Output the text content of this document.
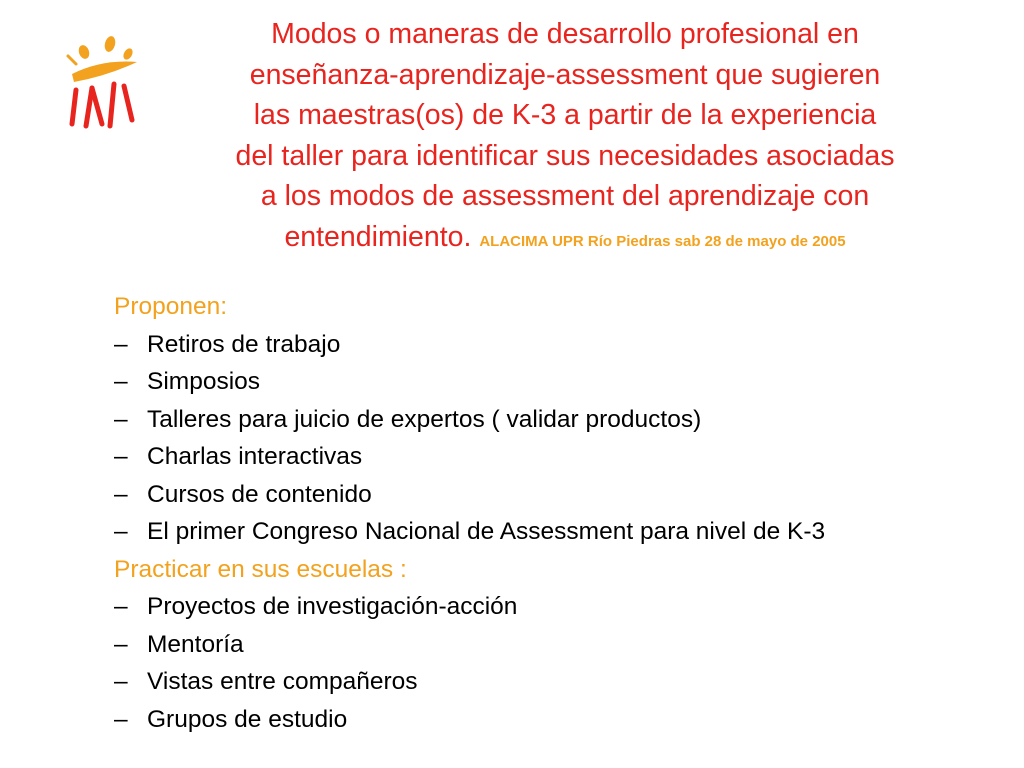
Modos o maneras de desarrollo profesional en
enseñanza-aprendizaje-assessment que sugieren
las maestras(os) de K-3 a partir de la experiencia
del taller para identificar sus necesidades asociadas
a los modos de assessment del aprendizaje con
entendimiento. ALACIMA UPR Río Piedras sab 28 de mayo de 2005
Proponen:
– Retiros de trabajo
– Simposios
– Talleres para juicio de expertos ( validar productos)
– Charlas interactivas
– Cursos de contenido
– El primer Congreso Nacional de Assessment para nivel de K-3
Practicar en sus escuelas :
– Proyectos de investigación-acción
– Mentoría
– Vistas entre compañeros
– Grupos de estudio
